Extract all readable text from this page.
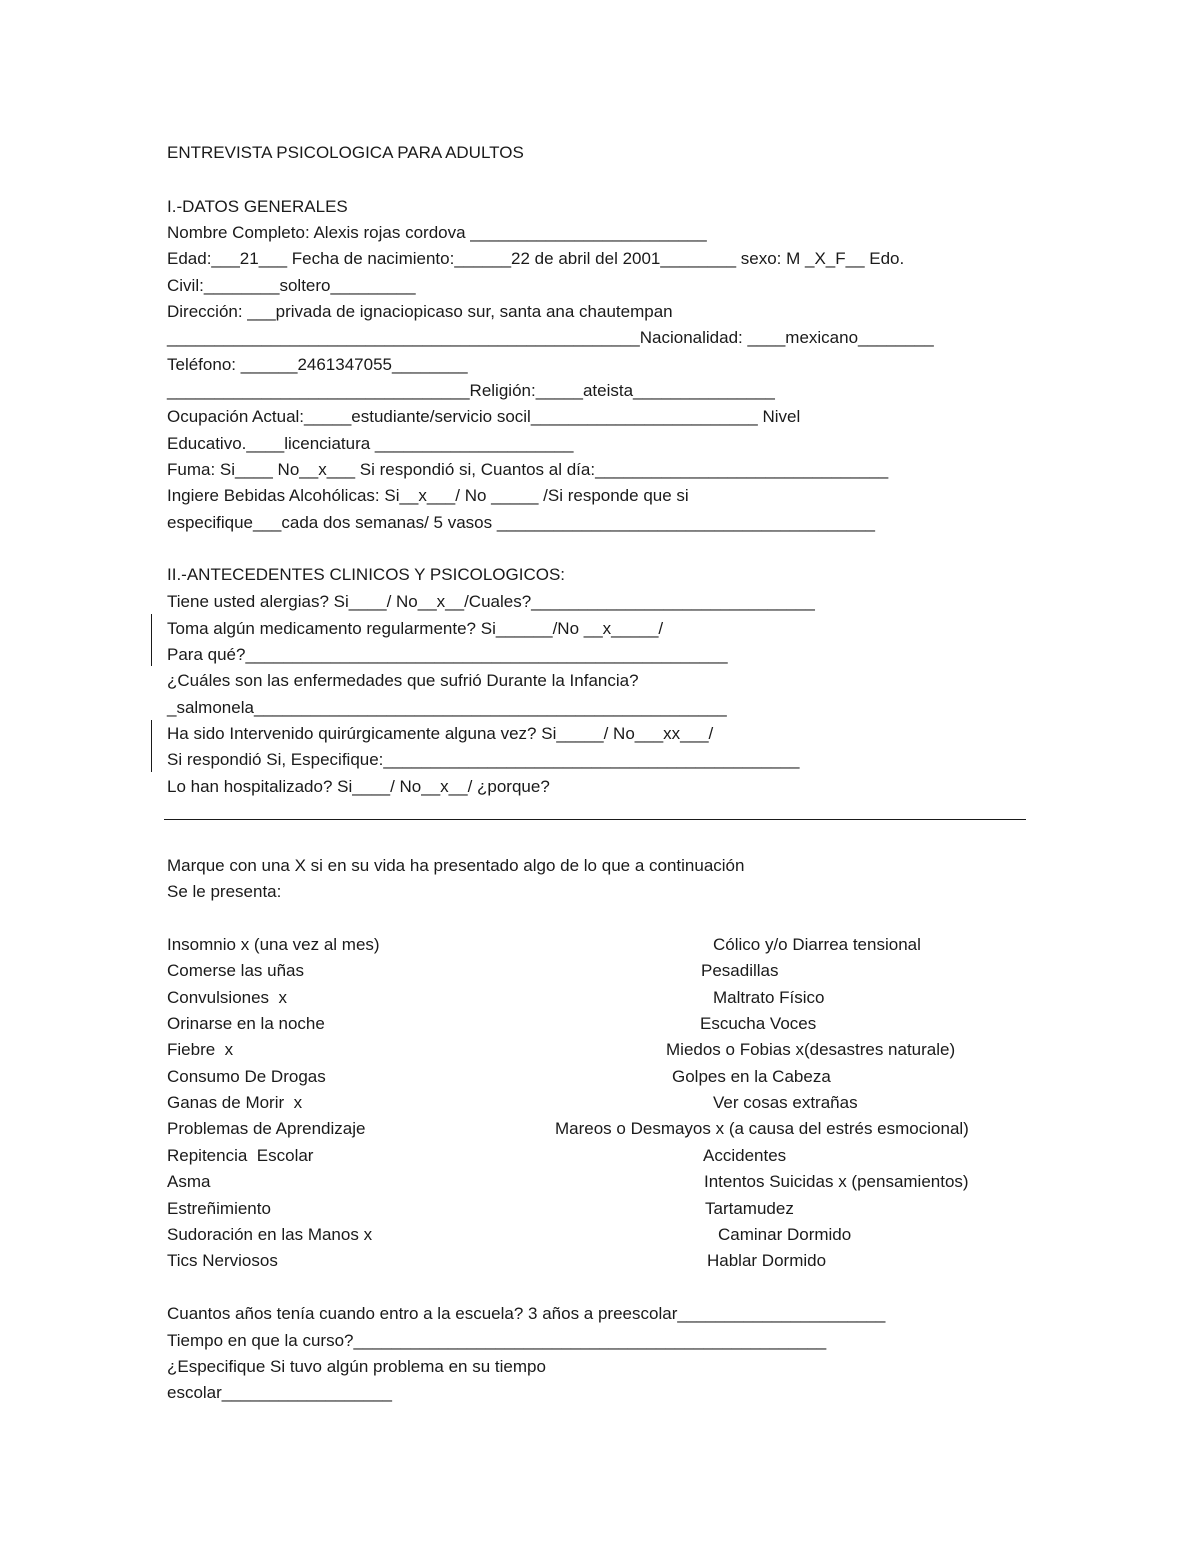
ENTREVISTA PSICOLOGICA PARA ADULTOS
I.-DATOS GENERALES
Nombre Completo: Alexis rojas cordova _________________________
Edad:___21___ Fecha de nacimiento:______22 de abril del 2001________ sexo: M _X_F__ Edo.
Civil:________soltero_________
Dirección: ___privada de ignaciopicaso sur, santa ana chautempan
__________________________________________________Nacionalidad: ____mexicano________
Teléfono: ______2461347055________
________________________________Religión:_____ateista_______________
Ocupación Actual:_____estudiante/servicio socil________________________ Nivel
Educativo.____licenciatura _____________________
Fuma: Si____ No__x___ Si respondió si, Cuantos al día:_______________________________
Ingiere Bebidas Alcohólicas: Si__x___/ No _____ /Si responde que si
especifique___cada dos semanas/ 5 vasos ________________________________________
II.-ANTECEDENTES CLINICOS Y PSICOLOGICOS:
Tiene usted alergias? Si____/ No__x__/Cuales?______________________________
Toma algún medicamento regularmente? Si______/No __x_____/
Para qué?___________________________________________________
¿Cuáles son las enfermedades que sufrió Durante la Infancia?
_salmonela__________________________________________________
Ha sido Intervenido quirúrgicamente alguna vez? Si_____/ No___xx___/
Si respondió Si, Especifique:____________________________________________
Lo han hospitalizado? Si____/ No__x__/ ¿porque?
Marque con una X si en su vida ha presentado algo de lo que a continuación
Se le presenta:
Insomnio x (una vez al mes)
Comerse las uñas
Convulsiones  x
Orinarse en la noche
Fiebre  x
Consumo De Drogas
Ganas de Morir  x
Problemas de Aprendizaje
Repitencia  Escolar
Asma
Estreñimiento
Sudoración en las Manos x
Tics Nerviosos
Cólico y/o Diarrea tensional
Pesadillas
Maltrato Físico
Escucha Voces
Miedos o Fobias x(desastres naturale)
Golpes en la Cabeza
Ver cosas extrañas
Mareos o Desmayos x (a causa del estrés esmocional)
Accidentes
Intentos Suicidas x (pensamientos)
Tartamudez
Caminar Dormido
Hablar Dormido
Cuantos años tenía cuando entro a la escuela? 3 años a preescolar______________________
Tiempo en que la curso?__________________________________________________
¿Especifique Si tuvo algún problema en su tiempo
escolar__________________
